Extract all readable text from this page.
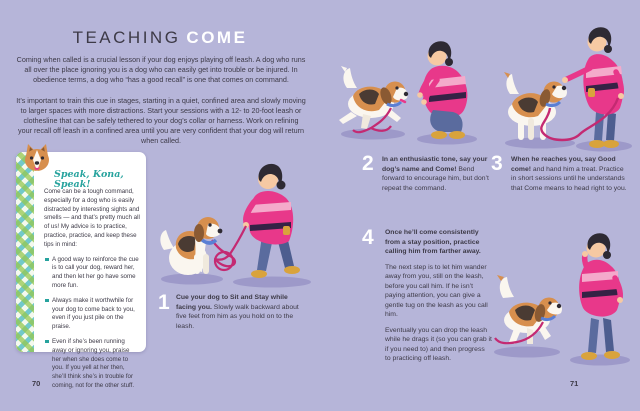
TEACHING COME
Coming when called is a crucial lesson if your dog enjoys playing off leash. A dog who runs all over the place ignoring you is a dog who can easily get into trouble or be injured. In obedience terms, a dog who “has a good recall” is one that comes on command.
It’s important to train this cue in stages, starting in a quiet, confined area and slowly moving to larger spaces with more distractions. Start your sessions with a 12- to 20-foot leash or clothesline that can be safely tethered to your dog’s collar or harness. Work on refining your recall off leash in a confined area until you are very confident that your dog will return when called.
Speak, Kona, Speak!
Come can be a tough command, especially for a dog who is easily distracted by interesting sights and smells — and that’s pretty much all of us! My advice is to practice, practice, practice, and keep these tips in mind:
A good way to reinforce the cue is to call your dog, reward her, and then let her go have some more fun.
Always make it worthwhile for your dog to come back to you, even if you just pile on the praise.
Even if she’s been running away or ignoring you, praise her when she does come to you. If you yell at her then, she’ll think she’s in trouble for coming, not for the other stuff.
1 Cue your dog to Sit and Stay while facing you. Slowly walk backward about five feet from him as you hold on to the leash.
70
2 In an enthusiastic tone, say your dog’s name and Come! Bend forward to encourage him, but don’t repeat the command.
3 When he reaches you, say Good come! and hand him a treat. Practice in short sessions until he understands that Come means to head right to you.
4 Once he’ll come consistently from a stay position, practice calling him from farther away.

The next step is to let him wander away from you, still on the leash, before you call him. If he isn’t paying attention, you can give a gentle tug on the leash as you call him.

Eventually you can drop the leash while he drags it (so you can grab it if you need to) and then progress to practicing off leash.

71
